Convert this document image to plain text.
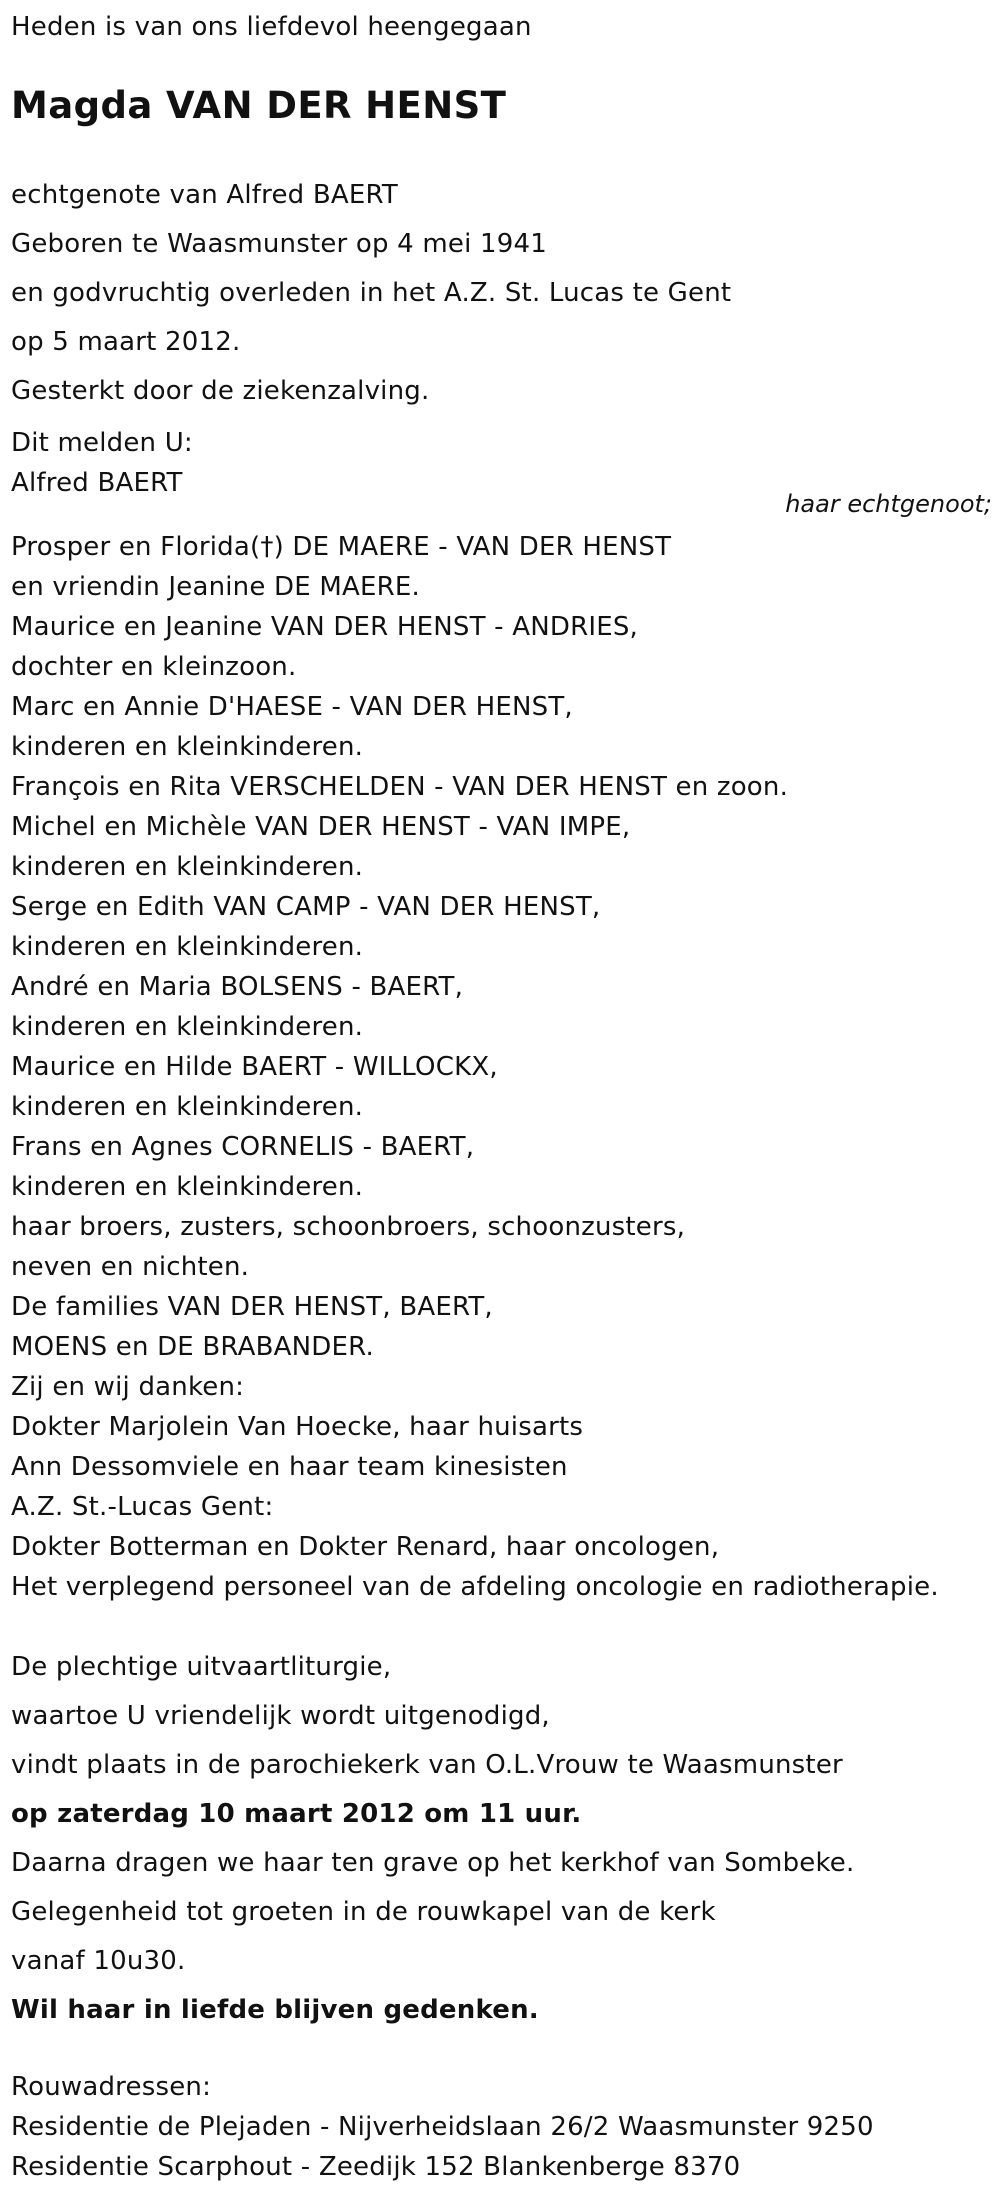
Heden is van ons liefdevol heengegaan
Magda VAN DER HENST
echtgenote van Alfred BAERT
Geboren te Waasmunster op 4 mei 1941
en godvruchtig overleden in het A.Z. St. Lucas te Gent
op 5 maart 2012.
Gesterkt door de ziekenzalving.
Dit melden U:
Alfred BAERT
haar echtgenoot;
Prosper en Florida(†) DE MAERE - VAN DER HENST
en vriendin Jeanine DE MAERE.
Maurice en Jeanine VAN DER HENST - ANDRIES,
dochter en kleinzoon.
Marc en Annie D'HAESE - VAN DER HENST,
kinderen en kleinkinderen.
François en Rita VERSCHELDEN - VAN DER HENST en zoon.
Michel en Michèle VAN DER HENST - VAN IMPE,
kinderen en kleinkinderen.
Serge en Edith VAN CAMP - VAN DER HENST,
kinderen en kleinkinderen.
André en Maria BOLSENS - BAERT,
kinderen en kleinkinderen.
Maurice en Hilde BAERT - WILLOCKX,
kinderen en kleinkinderen.
Frans en Agnes CORNELIS - BAERT,
kinderen en kleinkinderen.
haar broers, zusters, schoonbroers, schoonzusters,
neven en nichten.
De families VAN DER HENST, BAERT,
MOENS en DE BRABANDER.
Zij en wij danken:
Dokter Marjolein Van Hoecke, haar huisarts
Ann Dessomviele en haar team kinesisten
A.Z. St.-Lucas Gent:
Dokter Botterman en Dokter Renard, haar oncologen,
Het verplegend personeel van de afdeling oncologie en radiotherapie.
De plechtige uitvaartliturgie,
waartoe U vriendelijk wordt uitgenodigd,
vindt plaats in de parochiekerk van O.L.Vrouw te Waasmunster
op zaterdag 10 maart 2012 om 11 uur.
Daarna dragen we haar ten grave op het kerkhof van Sombeke.
Gelegenheid tot groeten in de rouwkapel van de kerk
vanaf 10u30.
Wil haar in liefde blijven gedenken.
Rouwadressen:
Residentie de Plejaden - Nijverheidslaan 26/2 Waasmunster 9250
Residentie Scarphout - Zeedijk 152 Blankenberge 8370
